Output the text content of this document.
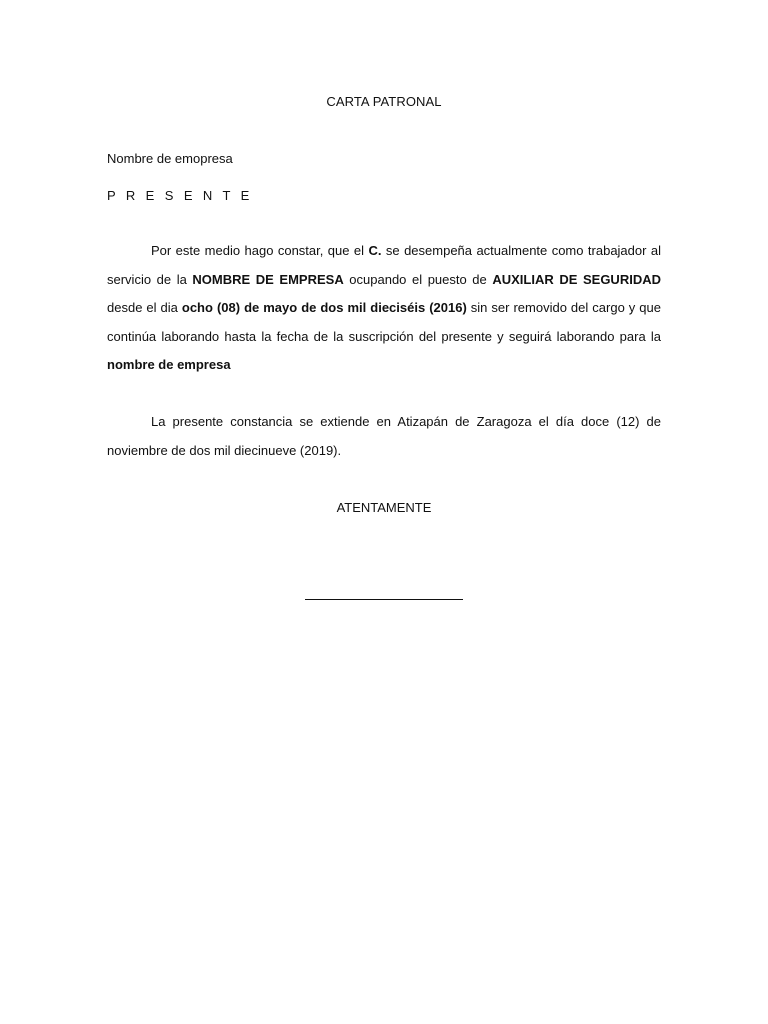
CARTA PATRONAL
Nombre de emopresa
P R E S E N T E

Por este medio hago constar, que el C. se desempeña actualmente como trabajador al servicio de la NOMBRE DE EMPRESA ocupando el puesto de AUXILIAR DE SEGURIDAD desde el dia ocho (08) de mayo de dos mil dieciséis (2016) sin ser removido del cargo y que continúa laborando hasta la fecha de la suscripción del presente y seguirá laborando para la nombre de empresa

La presente constancia se extiende en Atizapán de Zaragoza el día doce (12) de noviembre de dos mil diecinueve (2019).

ATENTAMENTE
